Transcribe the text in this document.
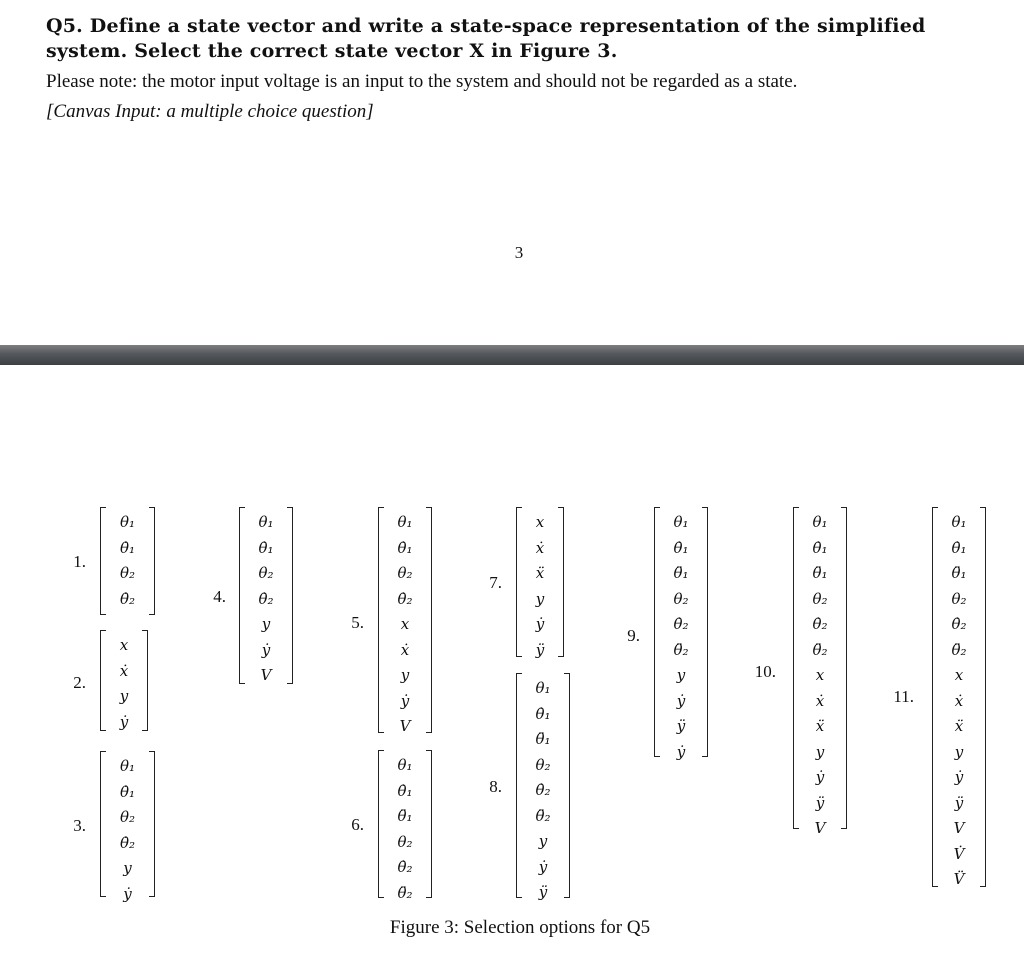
Q5. Define a state vector and write a state-space representation of the simplified system. Select the correct state vector X in Figure 3.
Please note: the motor input voltage is an input to the system and should not be regarded as a state.
[Canvas Input: a multiple choice question]
3
1.
θ₁
θ̇₁
θ₂
θ̇₂
2.
x
ẋ
y
ẏ
3.
θ₁
θ̇₁
θ₂
θ̇₂
y
ẏ
4.
θ₁
θ̇₁
θ₂
θ̇₂
y
ẏ
V
5.
θ₁
θ̇₁
θ₂
θ̇₂
x
ẋ
y
ẏ
V
6.
θ₁
θ̇₁
θ̈₁
θ₂
θ̇₂
θ̈₂
7.
x
ẋ
ẍ
y
ẏ
ÿ
8.
θ₁
θ̇₁
θ̈₁
θ₂
θ̇₂
θ̈₂
y
ẏ
ÿ
9.
θ₁
θ̇₁
θ̈₁
θ₂
θ̇₂
θ̈₂
y
ẏ
ÿ
ẏ
10.
θ₁
θ̇₁
θ̈₁
θ₂
θ̇₂
θ̈₂
x
ẋ
ẍ
y
ẏ
ÿ
V
11.
θ₁
θ̇₁
θ̈₁
θ₂
θ̇₂
θ̈₂
x
ẋ
ẍ
y
ẏ
ÿ
V
V̇
V̈
Figure 3: Selection options for Q5
